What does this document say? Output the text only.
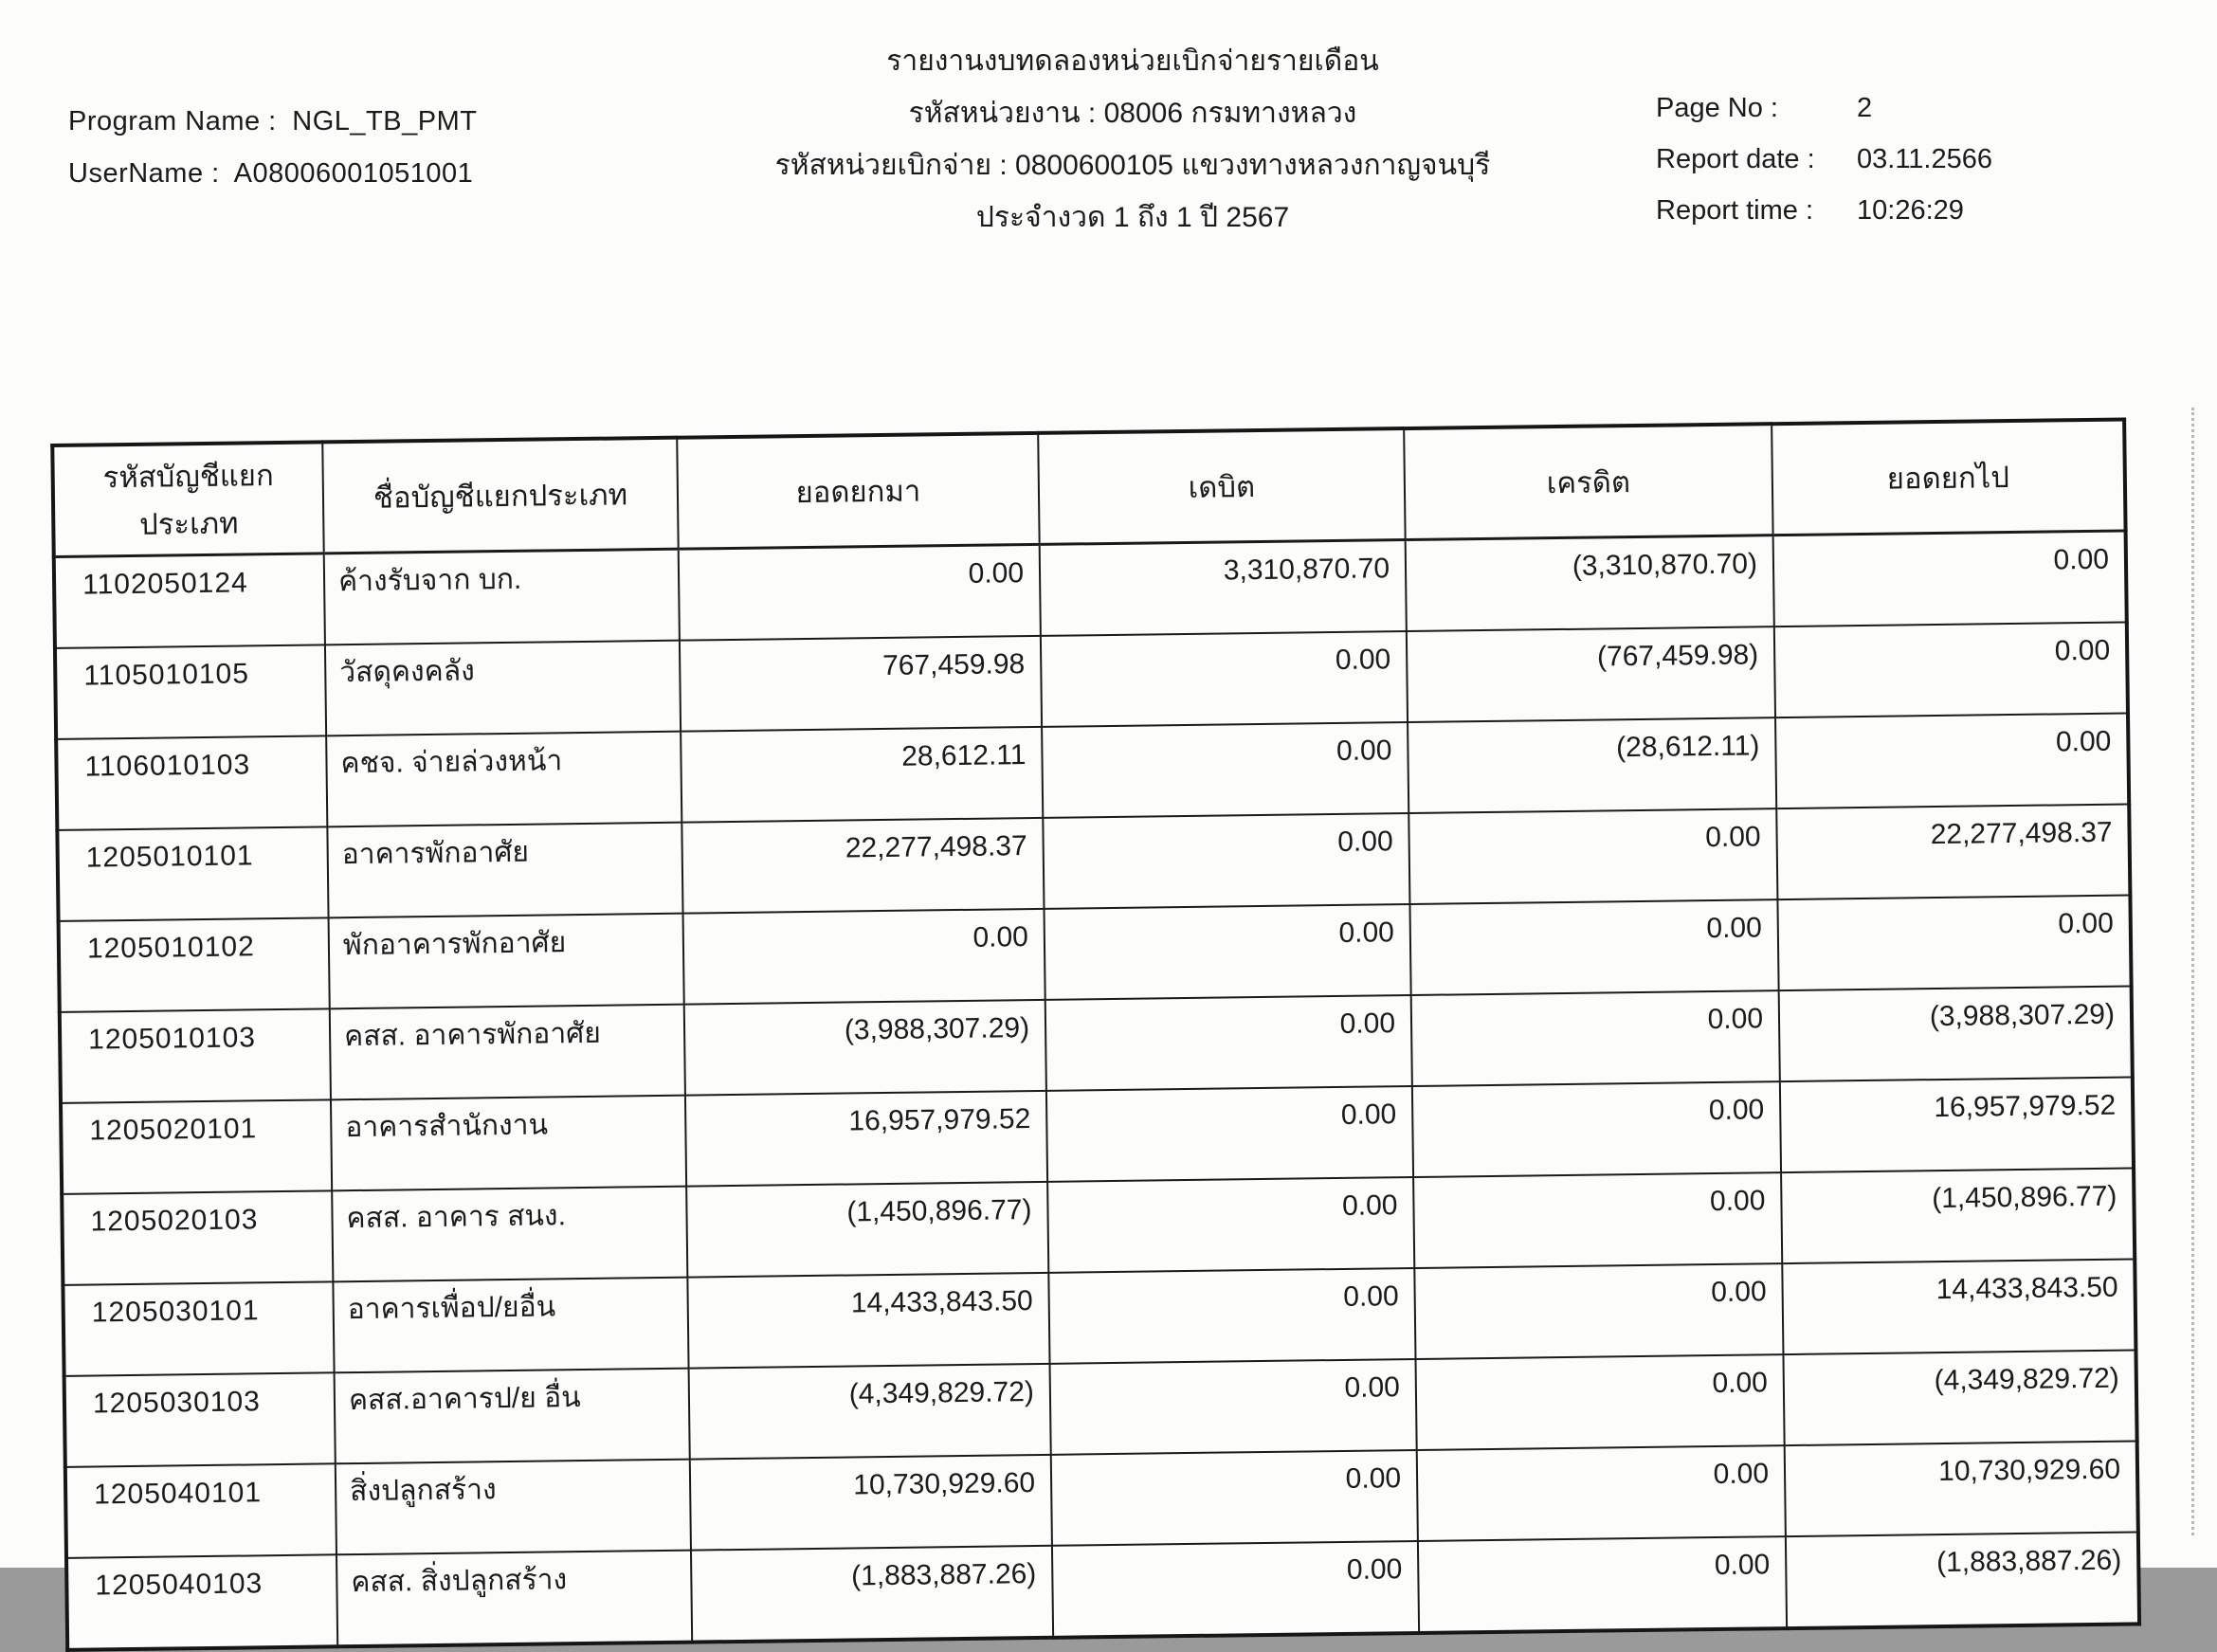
Program Name : NGL_TB_PMT
UserName : A08006001051001
รายงานงบทดลองหน่วยเบิกจ่ายรายเดือน
รหัสหน่วยงาน : 08006 กรมทางหลวง
รหัสหน่วยเบิกจ่าย : 0800600105 แขวงทางหลวงกาญจนบุรี
ประจำงวด 1 ถึง 1 ปี 2567
Page No :	2
Report date :	03.11.2566
Report time :	10:26:29
รหัสบัญชีแยกประเภท	ชื่อบัญชีแยกประเภท	ยอดยกมา	เดบิต	เครดิต	ยอดยกไป
1102050124	ค้างรับจาก บก.	0.00	3,310,870.70	(3,310,870.70)	0.00
1105010105	วัสดุคงคลัง	767,459.98	0.00	(767,459.98)	0.00
1106010103	คชจ. จ่ายล่วงหน้า	28,612.11	0.00	(28,612.11)	0.00
1205010101	อาคารพักอาศัย	22,277,498.37	0.00	0.00	22,277,498.37
1205010102	พักอาคารพักอาศัย	0.00	0.00	0.00	0.00
1205010103	คสส. อาคารพักอาศัย	(3,988,307.29)	0.00	0.00	(3,988,307.29)
1205020101	อาคารสำนักงาน	16,957,979.52	0.00	0.00	16,957,979.52
1205020103	คสส. อาคาร สนง.	(1,450,896.77)	0.00	0.00	(1,450,896.77)
1205030101	อาคารเพื่อป/ยอื่น	14,433,843.50	0.00	0.00	14,433,843.50
1205030103	คสส.อาคารป/ย อื่น	(4,349,829.72)	0.00	0.00	(4,349,829.72)
1205040101	สิ่งปลูกสร้าง	10,730,929.60	0.00	0.00	10,730,929.60
1205040103	คสส. สิ่งปลูกสร้าง	(1,883,887.26)	0.00	0.00	(1,883,887.26)
